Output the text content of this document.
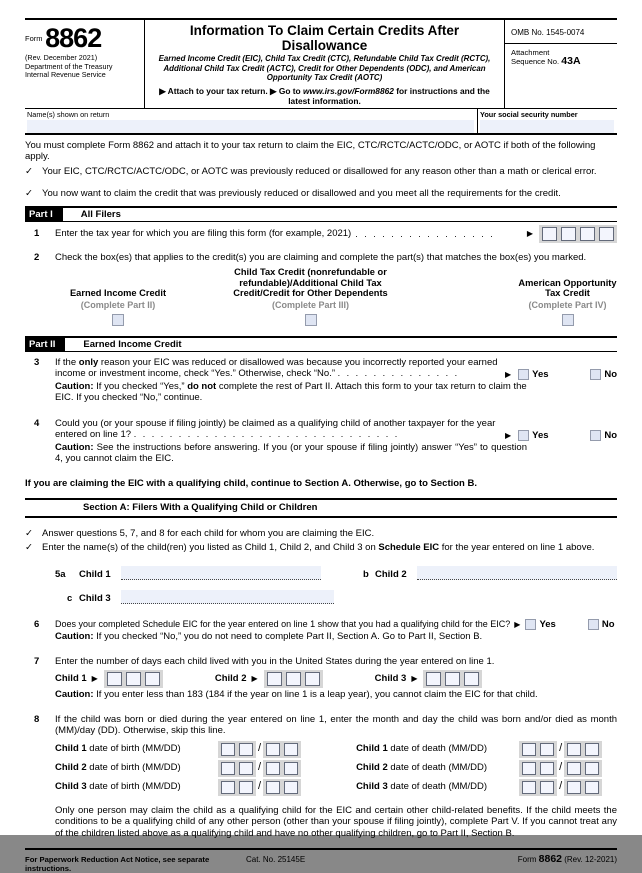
$^{Form}$ 8862
(Rev. December 2021)
Department of the Treasury
Internal Revenue Service
Information To Claim Certain Credits After Disallowance
Earned Income Credit (EIC), Child Tax Credit (CTC), Refundable Child Tax Credit (RCTC), Additional Child Tax Credit (ACTC), Credit for Other Dependents (ODC), and American Opportunity Tax Credit (AOTC)
▶ Attach to your tax return. ▶ Go to www.irs.gov/Form8862 for instructions and the latest information.
OMB No. 1545-0074
Attachment
Sequence No. 43A
Name(s) shown on return	Your social security number
You must complete Form 8862 and attach it to your tax return to claim the EIC, CTC/RCTC/ACTC/ODC, or AOTC if both of the following apply.
✓ Your EIC, CTC/RCTC/ACTC/ODC, or AOTC was previously reduced or disallowed for any reason other than a math or clerical error.
✓ You now want to claim the credit that was previously reduced or disallowed and you meet all the requirements for the credit.
Part I	All Filers
1	Enter the tax year for which you are filing this form (for example, 2021) . . . . . . . . . . . . . . . .	▶
2	Check the box(es) that applies to the credit(s) you are claiming and complete the part(s) that matches the box(es) you marked.
Earned Income Credit
(Complete Part II)
Child Tax Credit (nonrefundable or refundable)/Additional Child Tax Credit/Credit for Other Dependents
(Complete Part III)
American Opportunity Tax Credit
(Complete Part IV)
Part II	Earned Income Credit
3	If the only reason your EIC was reduced or disallowed was because you incorrectly reported your earned income or investment income, check “Yes.” Otherwise, check “No.” . . . . . . . . . . . . . .
Caution: If you checked “Yes,” do not complete the rest of Part II. Attach this form to your tax return to claim the EIC. If you checked “No,” continue.
▶ Yes	No
4	Could you (or your spouse if filing jointly) be claimed as a qualifying child of another taxpayer for the year entered on line 1? . . . . . . . . . . . . . . . . . . . . . . . . . . . . . .
Caution: See the instructions before answering. If you (or your spouse if filing jointly) answer “Yes” to question 4, you cannot claim the EIC.
▶ Yes	No
If you are claiming the EIC with a qualifying child, continue to Section A. Otherwise, go to Section B.
Section A: Filers With a Qualifying Child or Children
✓ Answer questions 5, 7, and 8 for each child for whom you are claiming the EIC.
✓ Enter the name(s) of the child(ren) you listed as Child 1, Child 2, and Child 3 on Schedule EIC for the year entered on line 1 above.
5a	Child 1	b Child 2
c Child 3
6	Does your completed Schedule EIC for the year entered on line 1 show that you had a qualifying child for the EIC? ▶ Yes	No
Caution: If you checked “No,” you do not need to complete Part II, Section A. Go to Part II, Section B.
7	Enter the number of days each child lived with you in the United States during the year entered on line 1.
Child 1 ▶	Child 2 ▶	Child 3 ▶
Caution: If you enter less than 183 (184 if the year on line 1 is a leap year), you cannot claim the EIC for that child.
8	If the child was born or died during the year entered on line 1, enter the month and day the child was born and/or died as month (MM)/day (DD). Otherwise, skip this line.
Child 1 date of birth (MM/DD)	/	Child 1 date of death (MM/DD)	/
Child 2 date of birth (MM/DD)	/	Child 2 date of death (MM/DD)	/
Child 3 date of birth (MM/DD)	/	Child 3 date of death (MM/DD)	/
Only one person may claim the child as a qualifying child for the EIC and certain other child-related benefits. If the child meets the conditions to be a qualifying child of any other person (other than your spouse if filing jointly), complete Part V. If you cannot treat any of the children listed above as a qualifying child and have no other qualifying children, go to Part II, Section B.
For Paperwork Reduction Act Notice, see separate instructions.
Cat. No. 25145E	Form 8862 (Rev. 12-2021)
